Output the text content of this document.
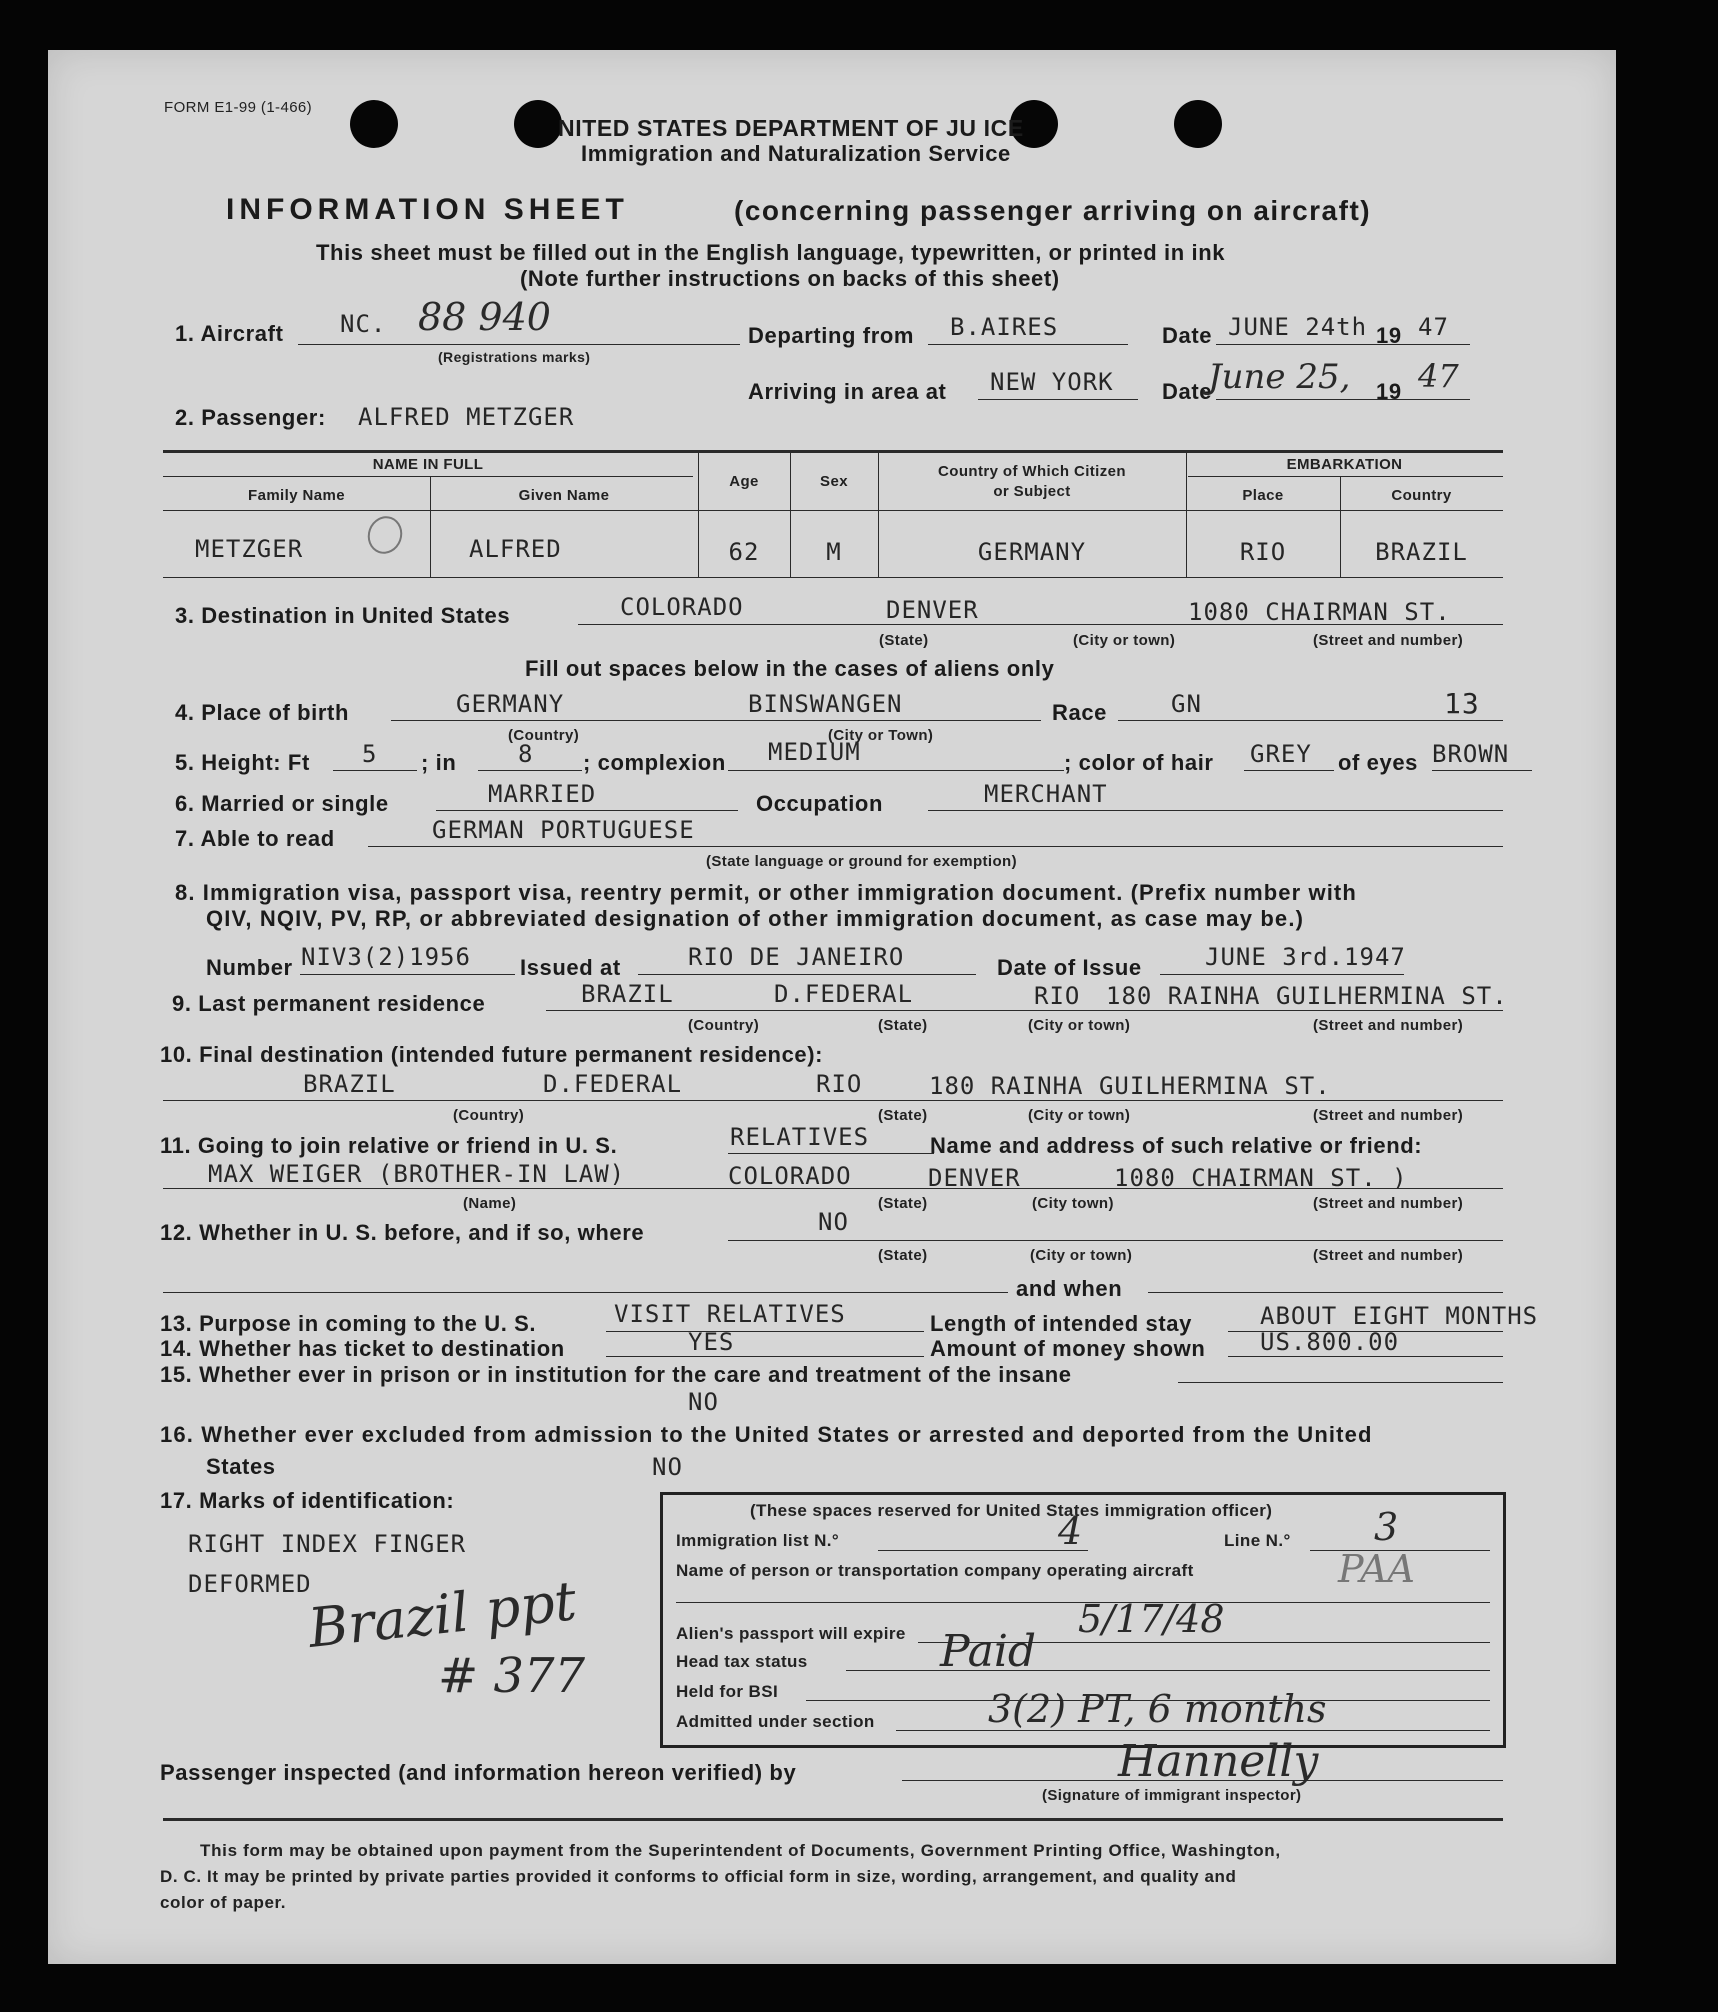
FORM E1-99 (1-466)
NITED STATES DEPARTMENT OF JU ICE
Immigration and Naturalization Service
INFORMATION SHEET	(concerning passenger arriving on aircraft)
This sheet must be filled out in the English language, typewritten, or printed in ink
(Note further instructions on backs of this sheet)
1. Aircraft NC. 88 940
(Registrations marks)
Departing from B.AIRES	Date JUNE 24th 19 47
Arriving in area at NEW YORK Date
June 25, 19 47
2. Passenger: ALFRED METZGER
NAME IN FULL
Family Name	Given Name
Age	Sex
Country of Which Citizen
or Subject
EMBARKATION
Place	Country
METZGER	ALFRED	62	M	GERMANY	RIO	BRAZIL
3. Destination in United States	COLORADO	DENVER	1080 CHAIRMAN ST.
(State)	(City or town)	(Street and number)
Fill out spaces below in the cases of aliens only
4. Place of birth	GERMANY	BINSWANGEN
(Country)	(City or Town)
Race	GN	13
5. Height: Ft 5 ; in	8 ; complexion MEDIUM	; color of hair GREY of eyes BROWN
6. Married or single	MARRIED	Occupation	MERCHANT
7. Able to read	GERMAN PORTUGUESE
(State language or ground for exemption)
8. Immigration visa, passport visa, reentry permit, or other immigration document. (Prefix number with
QIV, NQIV, PV, RP, or abbreviated designation of other immigration document, as case may be.)
Number NIV3(2)1956 Issued at	RIO DE JANEIRO	Date of Issue	JUNE 3rd.1947
9. Last permanent residence	BRAZIL	D.FEDERAL	RIO 180 RAINHA GUILHERMINA ST.
(Country)	(State)	(City or town)	(Street and number)
10. Final destination (intended future permanent residence):
BRAZIL	D.FEDERAL	RIO	180 RAINHA GUILHERMINA ST.
(Country)	(State)	(City or town)	(Street and number)
11. Going to join relative or friend in U. S.	RELATIVES	Name and address of such relative or friend:
MAX WEIGER (BROTHER-IN LAW)	COLORADO	DENVER	1080 CHAIRMAN ST. )
(Name)	(State)	(City town)	(Street and number)
12. Whether in U. S. before, and if so, where	NO
(State)	(City or town)	(Street and number)
and when
13. Purpose in coming to the U. S.	VISIT RELATIVES	Length of intended stay	ABOUT EIGHT MONTHS
14. Whether has ticket to destination	YES	Amount of money shown US.800.00
15. Whether ever in prison or in institution for the care and treatment of the insane
NO
16. Whether ever excluded from admission to the United States or arrested and deported from the United
States	NO
17. Marks of identification:
RIGHT INDEX FINGER
DEFORMED
Brazil ppt
# 377
(These spaces reserved for United States immigration officer)
Immigration list N.°	4	Line N.° 3
Name of person or transportation company operating aircraft	PAA
Alien's passport will expire	5/17/48
Head tax status	Paid
Held for BSI
Admitted under section	3(2) PT, 6 months
Passenger inspected (and information hereon verified) by	Hannelly
(Signature of immigrant inspector)
This form may be obtained upon payment from the Superintendent of Documents, Government Printing Office, Washington,
D. C. It may be printed by private parties provided it conforms to official form in size, wording, arrangement, and quality and
color of paper.
